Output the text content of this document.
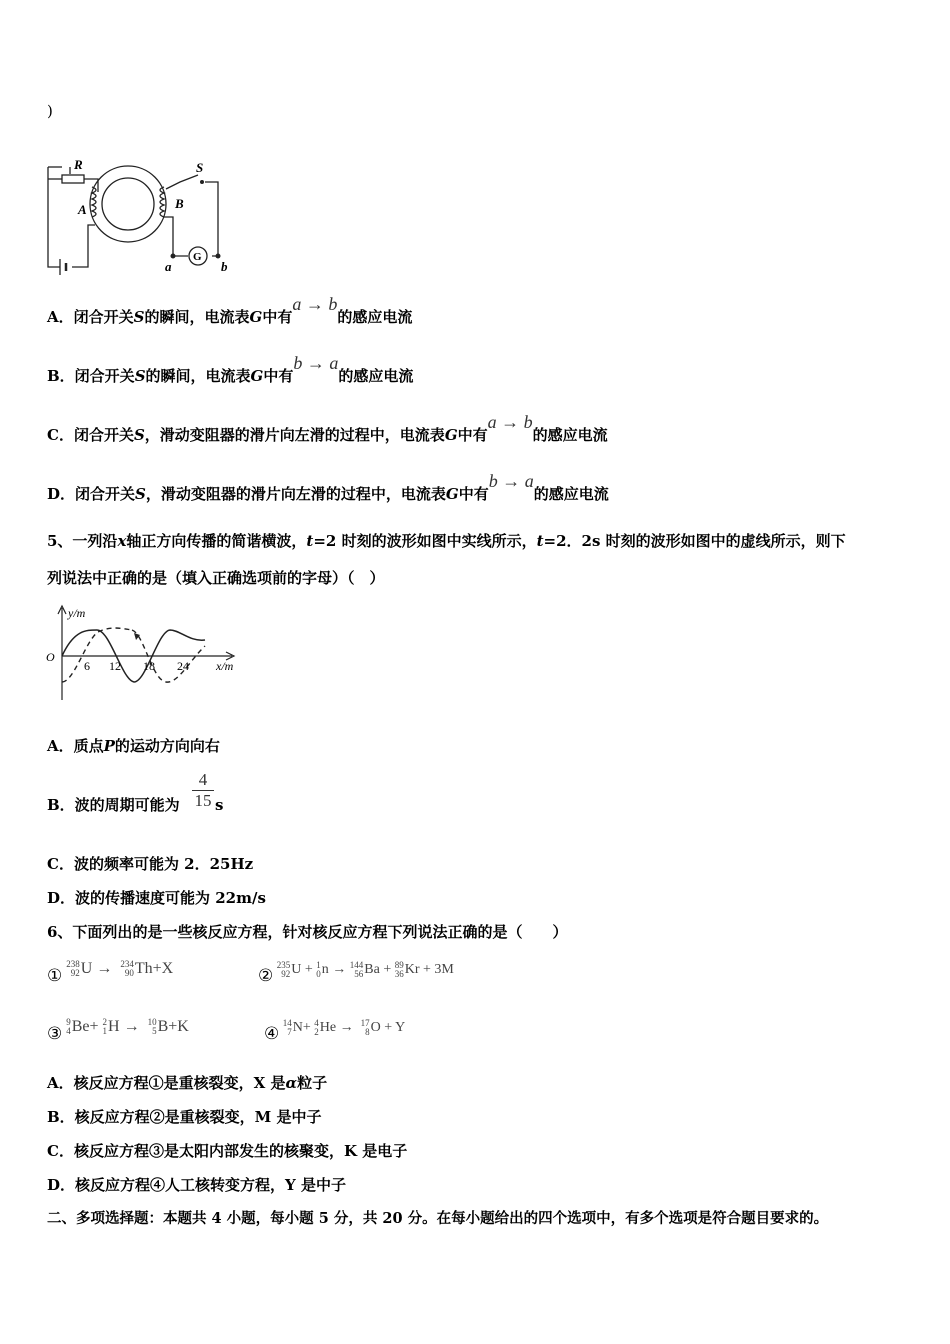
)
R	S
A	B
G
a	b
A．闭合开关S的瞬间，电流表G中有a → b的感应电流
B．闭合开关S的瞬间，电流表G中有b → a的感应电流
C．闭合开关S，滑动变阻器的滑片向左滑的过程中，电流表G中有a → b的感应电流
D．闭合开关S，滑动变阻器的滑片向左滑的过程中，电流表G中有b → a的感应电流
5、一列沿x轴正方向传播的简谐横波，t=2 时刻的波形如图中实线所示，t=2．2s 时刻的波形如图中的虚线所示，则下
列说法中正确的是（填入正确选项前的字母）（　）
y/m
x/m
O
6 12 18 24
A．质点P的运动方向向右
B．波的周期可能为 $\frac{4}{15}$ s
C．波的频率可能为 2．25Hz
D．波的传播速度可能为 22m/s
6、下面列出的是一些核反应方程，针对核反应方程下列说法正确的是（　　）
① 238
92U → 234
90Th+X	② 235
92U + 1
0n → 144
56Ba + 89
36Kr + 3M
③ 9
4Be+ 2
1H → 10
5B+K	④ 14
7N+ 4
2He → 17
8O + Y
A．核反应方程①是重核裂变，X 是α粒子
B．核反应方程②是重核裂变，M 是中子
C．核反应方程③是太阳内部发生的核聚变，K 是电子
D．核反应方程④人工核转变方程，Y 是中子
二、多项选择题：本题共 4 小题，每小题 5 分，共 20 分。在每小题给出的四个选项中，有多个选项是符合题目要求的。
